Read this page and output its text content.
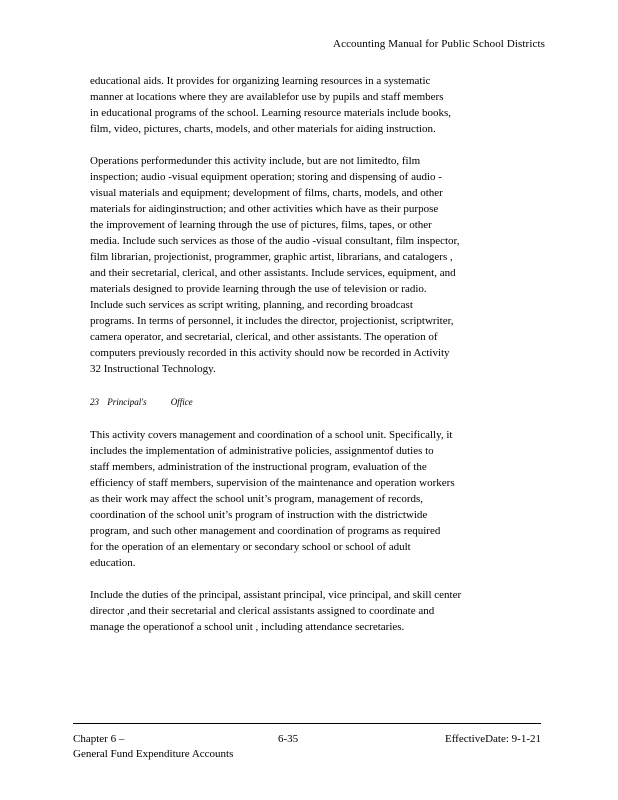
Accounting Manual for Public School Districts
educational aids. It provides for organizing learning resources in a systematic
manner at locations where they are availablefor use by pupils and staff members
in educational programs of the school. Learning resource materials include books,
film, video, pictures, charts, models, and other materials for aiding instruction.
Operations performedunder this activity include, but are not limitedto, film
inspection; audio -visual equipment operation; storing and dispensing of audio -
visual materials and equipment; development of films, charts, models, and other
materials for aidinginstruction; and other activities which have as their purpose
the improvement of learning through the use of pictures, films, tapes, or other
media. Include such services as those of the audio -visual consultant, film inspector,
film librarian, projectionist, programmer, graphic artist, librarians, and catalogers ,
and their secretarial, clerical, and other assistants. Include services, equipment, and
materials designed to provide learning through the use of television or radio.
Include such services as script writing, planning, and recording broadcast
programs. In terms of personnel, it includes the director, projectionist, scriptwriter,
camera operator, and secretarial, clerical, and other assistants. The operation of
computers previously recorded in this activity should now be recorded in Activity
32 Instructional Technology.
23 Principal's	Office
This activity covers management and coordination of a school unit. Specifically, it
includes the implementation of administrative policies, assignmentof duties to
staff members, administration of the instructional program, evaluation of the
efficiency of staff members, supervision of the maintenance and operation workers
as their work may affect the school unit’s program, management of records,
coordination of the school unit’s program of instruction with the districtwide
program, and such other management and coordination of programs as required
for the operation of an elementary or secondary school or school of adult
education.
Include the duties of the principal, assistant principal, vice principal, and skill center
director ,and their secretarial and clerical assistants assigned to coordinate and
manage the operationof a school unit , including attendance secretaries.
Chapter 6 –
General Fund Expenditure Accounts
6-35	EffectiveDate: 9-1-21
